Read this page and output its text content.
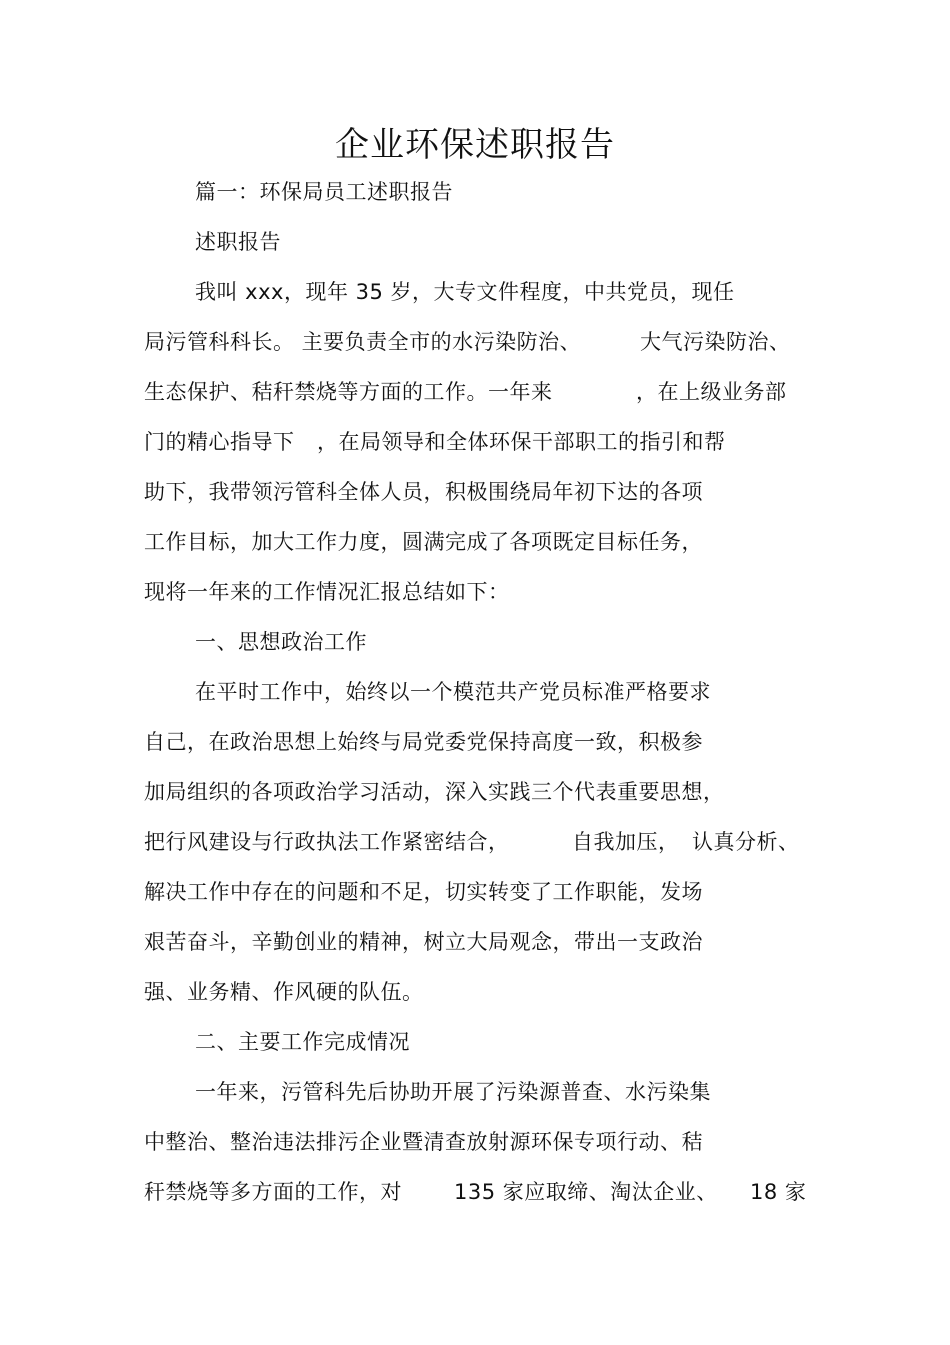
企业环保述职报告
篇一：环保局员工述职报告
述职报告
我叫 xxx，现年 35 岁，大专文件程度，中共党员，现任
局污管科科长。 主要负责全市的水污染防治、	大气污染防治、
生态保护、秸秆禁烧等方面的工作。一年来	，在上级业务部
门的精心指导下 ，在局领导和全体环保干部职工的指引和帮
助下，我带领污管科全体人员，积极围绕局年初下达的各项
工作目标，加大工作力度，圆满完成了各项既定目标任务，
现将一年来的工作情况汇报总结如下：
一、思想政治工作
在平时工作中，始终以一个模范共产党员标准严格要求
自己，在政治思想上始终与局党委党保持高度一致，积极参
加局组织的各项政治学习活动，深入实践三个代表重要思想，
把行风建设与行政执法工作紧密结合，	自我加压， 认真分析、
解决工作中存在的问题和不足，切实转变了工作职能，发场
艰苦奋斗，辛勤创业的精神，树立大局观念，带出一支政治
强、业务精、作风硬的队伍。
二、主要工作完成情况
一年来，污管科先后协助开展了污染源普查、水污染集
中整治、整治违法排污企业暨清查放射源环保专项行动、秸
秆禁烧等多方面的工作，对 135 家应取缔、淘汰企业、 18 家
